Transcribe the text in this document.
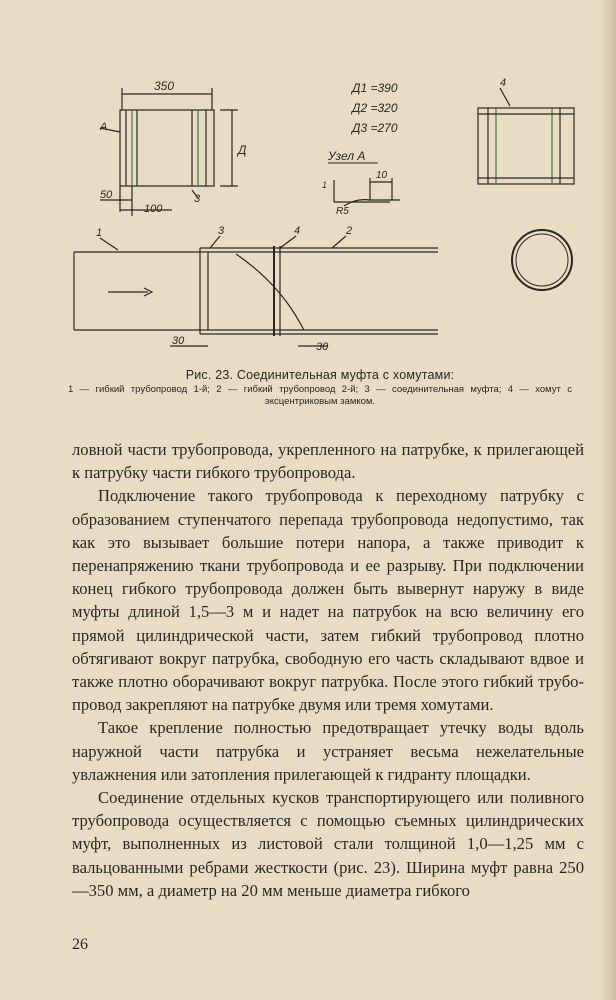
350
Д
А
50
100
3
Д1 =390
Д2 =320
Д3 =270
Узел А
10
R5
1
4
1	2
3	4
30	30
Рис. 23. Соединительная муфта с хомутами:
1 — гибкий трубопровод 1-й; 2 — гибкий трубопровод 2-й; 3 — соединительная муфта; 4 — хомут с эксцентриковым замком.

ловной части трубопровода, укрепленного на патрубке, к прилегающей к патрубку части гибкого трубопровода.

Подключение такого трубопровода к переходному патрубку с образованием ступенчатого перепада трубопровода недопустимо, так как это вызывает большие потери напора, а также приводит к перенапряжению ткани трубопровода и ее разрыву. При подключении конец гибкого трубопровода должен быть вывернут наружу в виде муфты длиной 1,5—3 м и надет на патрубок на всю величину его прямой цилиндрической части, затем гибкий трубопровод плотно обтягивают вокруг патрубка, свободную его часть складывают вдвое и также плотно оборачивают вокруг патрубка. После этого гибкий трубопровод закрепляют на патрубке двумя или тремя хомутами.

Такое крепление полностью предотвращает утечку воды вдоль наружной части патрубка и устраняет весьма нежелательные увлажнения или затопления прилегающей к гидранту площадки.

Соединение отдельных кусков транспортирующего или поливного трубопровода осуществляется с помощью съемных цилиндрических муфт, выполненных из листовой стали толщиной 1,0—1,25 мм с вальцованными ребрами жесткости (рис. 23). Ширина муфт равна 250—350 мм, а диаметр на 20 мм меньше диаметра гибкого

26
